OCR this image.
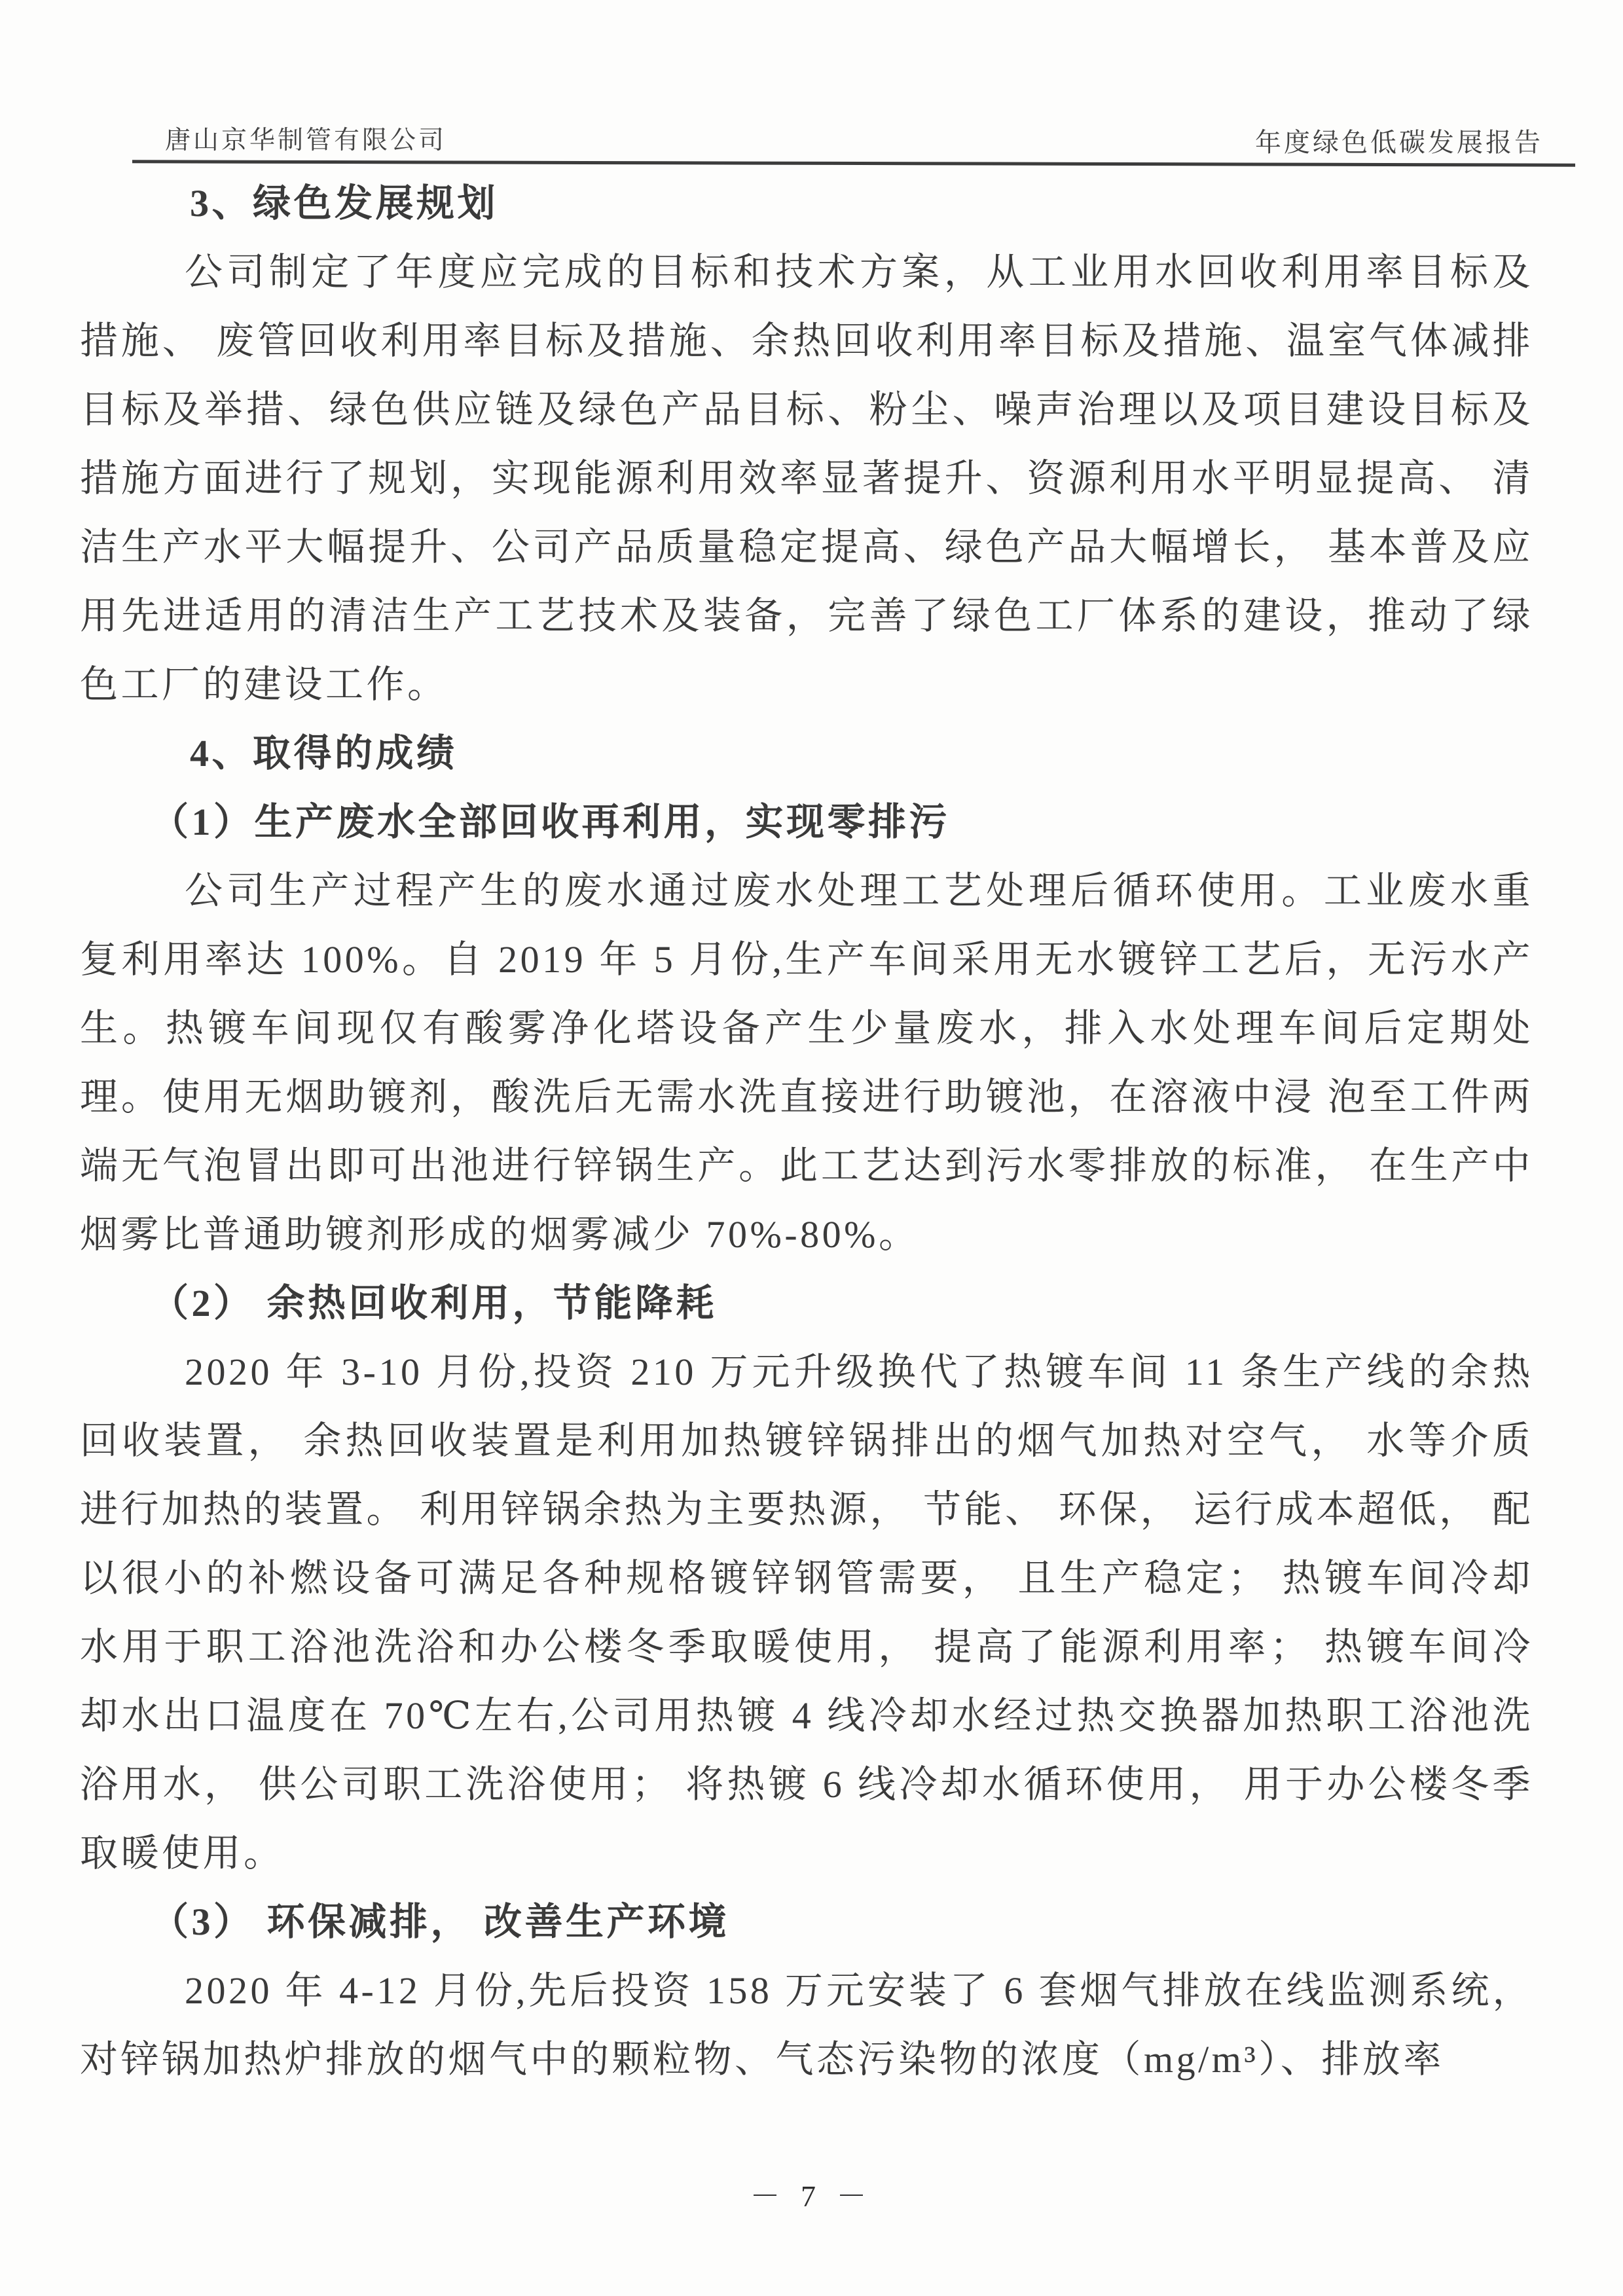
唐山京华制管有限公司	年度绿色低碳发展报告

3、绿色发展规划

公司制定了年度应完成的目标和技术方案，从工业用水回收利用率目标及措施、 废管回收利用率目标及措施、余热回收利用率目标及措施、温室气体减排目标及举措、绿色供应链及绿色产品目标、粉尘、噪声治理以及项目建设目标及措施方面进行了规划，实现能源利用效率显著提升、资源利用水平明显提高、 清洁生产水平大幅提升、公司产品质量稳定提高、绿色产品大幅增长， 基本普及应用先进适用的清洁生产工艺技术及装备，完善了绿色工厂体系的建设，推动了绿色工厂的建设工作。

4、取得的成绩

（1）生产废水全部回收再利用，实现零排污

公司生产过程产生的废水通过废水处理工艺处理后循环使用。工业废水重复利用率达 100%。自 2019 年 5 月份,生产车间采用无水镀锌工艺后，无污水产生。热镀车间现仅有酸雾净化塔设备产生少量废水，排入水处理车间后定期处理。使用无烟助镀剂，酸洗后无需水洗直接进行助镀池，在溶液中浸 泡至工件两端无气泡冒出即可出池进行锌锅生产。此工艺达到污水零排放的标准， 在生产中烟雾比普通助镀剂形成的烟雾减少 70%-80%。

（2） 余热回收利用，节能降耗

2020 年 3-10 月份,投资 210 万元升级换代了热镀车间 11 条生产线的余热回收装置， 余热回收装置是利用加热镀锌锅排出的烟气加热对空气， 水等介质进行加热的装置。 利用锌锅余热为主要热源， 节能、 环保， 运行成本超低， 配以很小的补燃设备可满足各种规格镀锌钢管需要， 且生产稳定； 热镀车间冷却水用于职工浴池洗浴和办公楼冬季取暖使用， 提高了能源利用率； 热镀车间冷却水出口温度在 70℃左右,公司用热镀 4 线冷却水经过热交换器加热职工浴池洗浴用水， 供公司职工洗浴使用； 将热镀 6 线冷却水循环使用， 用于办公楼冬季取暖使用。

（3） 环保减排， 改善生产环境

2020 年 4-12 月份,先后投资 158 万元安装了 6 套烟气排放在线监测系统，对锌锅加热炉排放的烟气中的颗粒物、气态污染物的浓度（mg/m³）、排放率

－ 7 －
